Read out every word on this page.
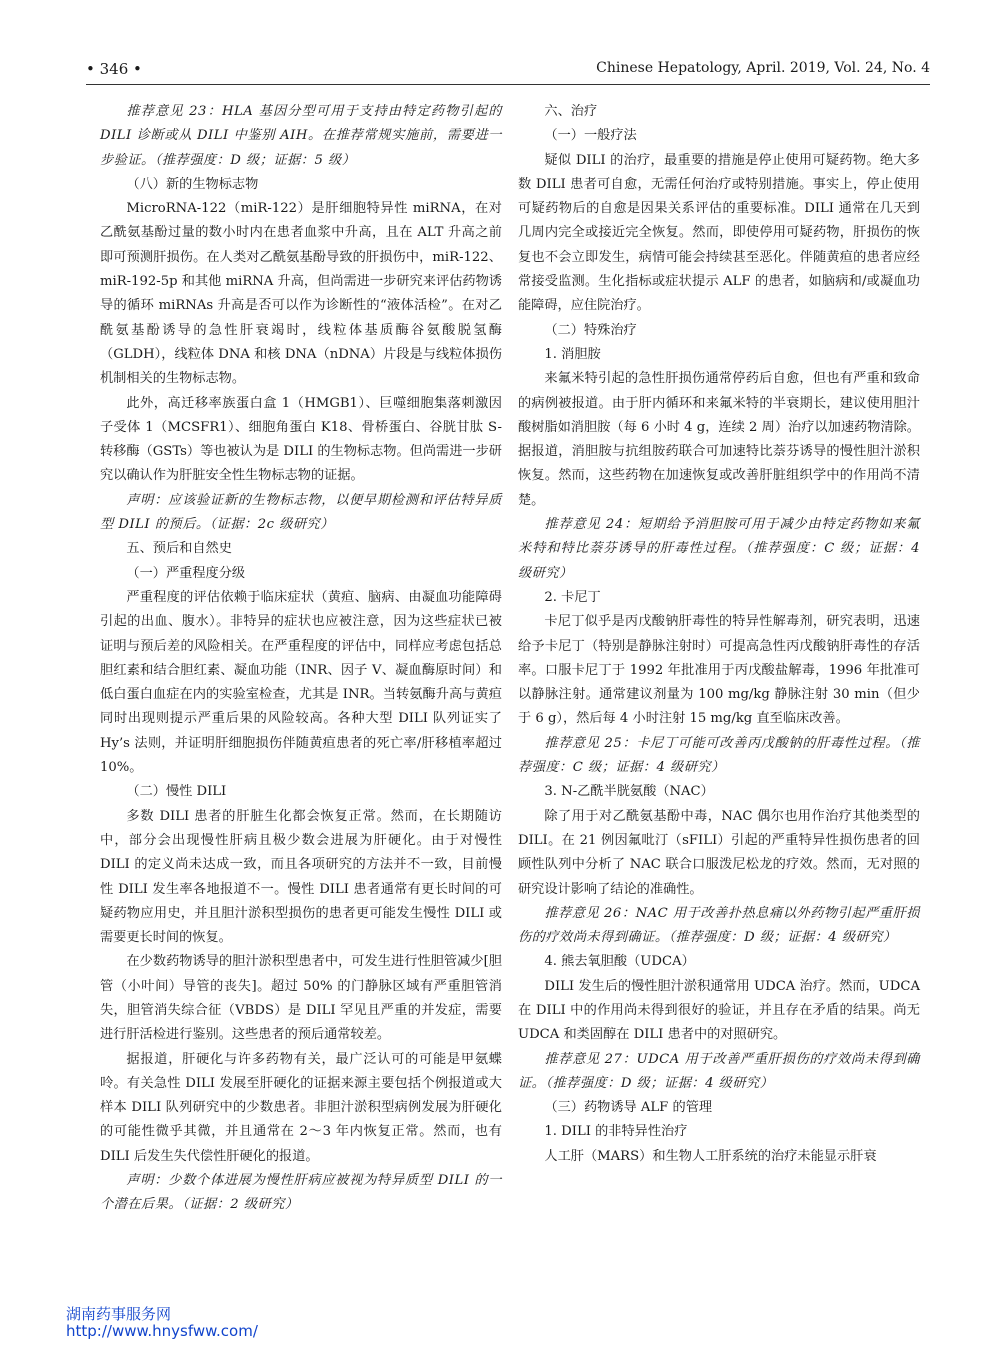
• 346 •	Chinese Hepatology, April. 2019, Vol. 24, No. 4

推荐意见 23：HLA 基因分型可用于支持由特定药物引起的 DILI 诊断或从 DILI 中鉴别 AIH。在推荐常规实施前，需要进一步验证。（推荐强度：D 级；证据：5 级）

（八）新的生物标志物

MicroRNA-122（miR-122）是肝细胞特异性 miRNA，在对乙酰氨基酚过量的数小时内在患者血浆中升高，且在 ALT 升高之前即可预测肝损伤。在人类对乙酰氨基酚导致的肝损伤中，miR-122、miR-192-5p 和其他 miRNA 升高，但尚需进一步研究来评估药物诱导的循环 miRNAs 升高是否可以作为诊断性的“液体活检”。在对乙酰氨基酚诱导的急性肝衰竭时，线粒体基质酶谷氨酸脱氢酶（GLDH），线粒体 DNA 和核 DNA（nDNA）片段是与线粒体损伤机制相关的生物标志物。

此外，高迁移率族蛋白盒 1（HMGB1）、巨噬细胞集落刺激因子受体 1（MCSFR1）、细胞角蛋白 K18、骨桥蛋白、谷胱甘肽 S-转移酶（GSTs）等也被认为是 DILI 的生物标志物。但尚需进一步研究以确认作为肝脏安全性生物标志物的证据。

声明：应该验证新的生物标志物，以便早期检测和评估特异质型 DILI 的预后。（证据：2c 级研究）

五、预后和自然史

（一）严重程度分级

严重程度的评估依赖于临床症状（黄疸、脑病、由凝血功能障碍引起的出血、腹水）。非特异的症状也应被注意，因为这些症状已被证明与预后差的风险相关。在严重程度的评估中，同样应考虑包括总胆红素和结合胆红素、凝血功能（INR、因子 V、凝血酶原时间）和低白蛋白血症在内的实验室检查，尤其是 INR。当转氨酶升高与黄疸同时出现则提示严重后果的风险较高。各种大型 DILI 队列证实了 Hy’s 法则，并证明肝细胞损伤伴随黄疸患者的死亡率/肝移植率超过 10%。

（二）慢性 DILI

多数 DILI 患者的肝脏生化都会恢复正常。然而，在长期随访中，部分会出现慢性肝病且极少数会进展为肝硬化。由于对慢性 DILI 的定义尚未达成一致，而且各项研究的方法并不一致，目前慢性 DILI 发生率各地报道不一。慢性 DILI 患者通常有更长时间的可疑药物应用史，并且胆汁淤积型损伤的患者更可能发生慢性 DILI 或需要更长时间的恢复。

在少数药物诱导的胆汁淤积型患者中，可发生进行性胆管减少[胆管（小叶间）导管的丧失]。超过 50% 的门静脉区域有严重胆管消失，胆管消失综合征（VBDS）是 DILI 罕见且严重的并发症，需要进行肝活检进行鉴别。这些患者的预后通常较差。

据报道，肝硬化与许多药物有关，最广泛认可的可能是甲氨蝶呤。有关急性 DILI 发展至肝硬化的证据来源主要包括个例报道或大样本 DILI 队列研究中的少数患者。非胆汁淤积型病例发展为肝硬化的可能性微乎其微，并且通常在 2～3 年内恢复正常。然而，也有 DILI 后发生失代偿性肝硬化的报道。

声明：少数个体进展为慢性肝病应被视为特异质型 DILI 的一个潜在后果。（证据：2 级研究）

六、治疗

（一）一般疗法

疑似 DILI 的治疗，最重要的措施是停止使用可疑药物。绝大多数 DILI 患者可自愈，无需任何治疗或特别措施。事实上，停止使用可疑药物后的自愈是因果关系评估的重要标准。DILI 通常在几天到几周内完全或接近完全恢复。然而，即使停用可疑药物，肝损伤的恢复也不会立即发生，病情可能会持续甚至恶化。伴随黄疸的患者应经常接受监测。生化指标或症状提示 ALF 的患者，如脑病和/或凝血功能障碍，应住院治疗。

（二）特殊治疗

1. 消胆胺

来氟米特引起的急性肝损伤通常停药后自愈，但也有严重和致命的病例被报道。由于肝内循环和来氟米特的半衰期长，建议使用胆汁酸树脂如消胆胺（每 6 小时 4 g，连续 2 周）治疗以加速药物清除。据报道，消胆胺与抗组胺药联合可加速特比萘芬诱导的慢性胆汁淤积恢复。然而，这些药物在加速恢复或改善肝脏组织学中的作用尚不清楚。

推荐意见 24：短期给予消胆胺可用于减少由特定药物如来氟米特和特比萘芬诱导的肝毒性过程。（推荐强度：C 级；证据：4 级研究）

2. 卡尼丁

卡尼丁似乎是丙戊酸钠肝毒性的特异性解毒剂，研究表明，迅速给予卡尼丁（特别是静脉注射时）可提高急性丙戊酸钠肝毒性的存活率。口服卡尼丁于 1992 年批准用于丙戊酸盐解毒，1996 年批准可以静脉注射。通常建议剂量为 100 mg/kg 静脉注射 30 min（但少于 6 g），然后每 4 小时注射 15 mg/kg 直至临床改善。

推荐意见 25：卡尼丁可能可改善丙戊酸钠的肝毒性过程。（推荐强度：C 级；证据：4 级研究）

3. N-乙酰半胱氨酸（NAC）

除了用于对乙酰氨基酚中毒，NAC 偶尔也用作治疗其他类型的 DILI。在 21 例因氟吡汀（sFILI）引起的严重特异性损伤患者的回顾性队列中分析了 NAC 联合口服泼尼松龙的疗效。然而，无对照的研究设计影响了结论的准确性。

推荐意见 26：NAC 用于改善扑热息痛以外药物引起严重肝损伤的疗效尚未得到确证。（推荐强度：D 级；证据：4 级研究）

4. 熊去氧胆酸（UDCA）

DILI 发生后的慢性胆汁淤积通常用 UDCA 治疗。然而，UDCA 在 DILI 中的作用尚未得到很好的验证，并且存在矛盾的结果。尚无 UDCA 和类固醇在 DILI 患者中的对照研究。

推荐意见 27：UDCA 用于改善严重肝损伤的疗效尚未得到确证。（推荐强度：D 级；证据：4 级研究）

（三）药物诱导 ALF 的管理

1. DILI 的非特异性治疗

人工肝（MARS）和生物人工肝系统的治疗未能显示肝衰

湖南药事服务网
http://www.hnysfww.com/
